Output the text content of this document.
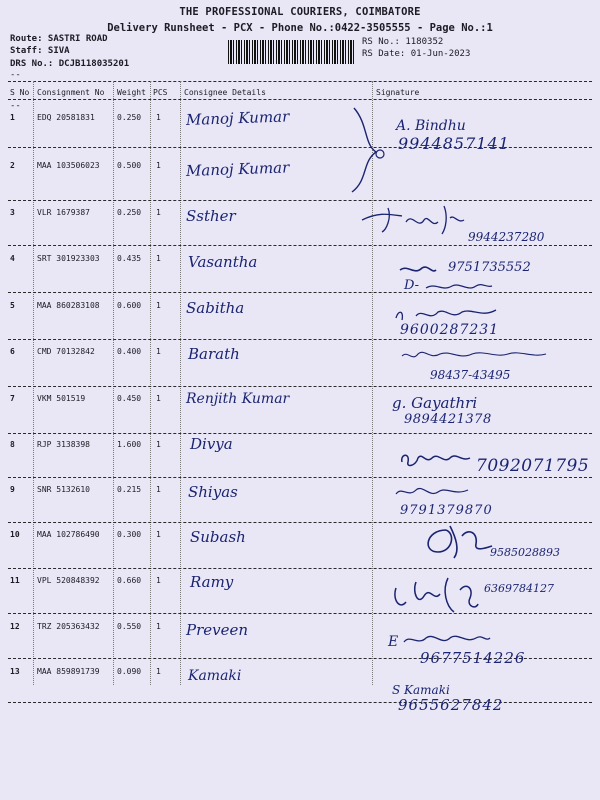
THE PROFESSIONAL COURIERS, COIMBATORE
Delivery Runsheet - PCX - Phone No.:0422-3505555 - Page No.:1
Route: SASTRI ROAD
Staff: SIVA
DRS No.: DCJB118035201
RS No.: 1180352
RS Date: 01-Jun-2023
--
--
S No Consignment No Weight PCS Consignee Details	Signature
1	EDQ 20581831	0.250 1 Manoj Kumar	A. Bindhu
9944857141
2	MAA 103506023 0.500 1 Manoj Kumar
3	VLR 1679387	0.250 1 Ssther
9944237280
4	SRT 301923303 0.435 1 Vasantha	9751735552
D-
5	MAA 860283108 0.600 1 Sabitha
9600287231
6	CMD 70132842	0.400 1 Barath
98437-43495
7	VKM 501519	0.450 1 Renjith Kumar	g. Gayathri
9894421378
8	RJP 3138398	1.600 1 Divya
7092071795
9	SNR 5132610	0.215 1 Shiyas
9791379870
10 MAA 102786490 0.300 1 Subash
9585028893
11 VPL 520848392 0.660 1 Ramy	6369784127
12 TRZ 205363432 0.550 1 Preveen
E
9677514226
13 MAA 859891739 0.090 1 Kamaki
S Kamaki
9655627842
